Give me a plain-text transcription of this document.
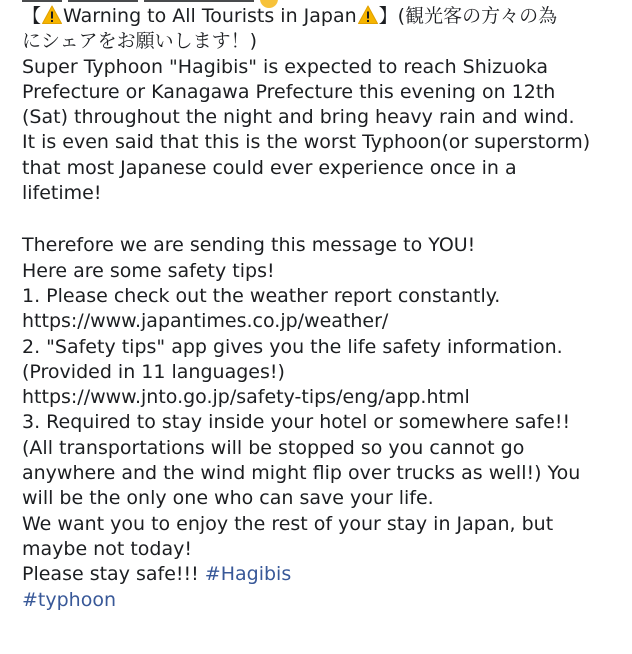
【 Warning to All Tourists in Japan 】(観光客の方々の為
にシェアをお願いします！)
Super Typhoon "Hagibis" is expected to reach Shizuoka
Prefecture or Kanagawa Prefecture this evening on 12th
(Sat) throughout the night and bring heavy rain and wind.
It is even said that this is the worst Typhoon(or superstorm)
that most Japanese could ever experience once in a
lifetime!
Therefore we are sending this message to YOU!
Here are some safety tips!
1. Please check out the weather report constantly.
https://www.japantimes.co.jp/weather/
2. "Safety tips" app gives you the life safety information.
(Provided in 11 languages!)
https://www.jnto.go.jp/safety-tips/eng/app.html
3. Required to stay inside your hotel or somewhere safe!!
(All transportations will be stopped so you cannot go
anywhere and the wind might flip over trucks as well!) You
will be the only one who can save your life.
We want you to enjoy the rest of your stay in Japan, but
maybe not today!
Please stay safe!!! #Hagibis
#typhoon
